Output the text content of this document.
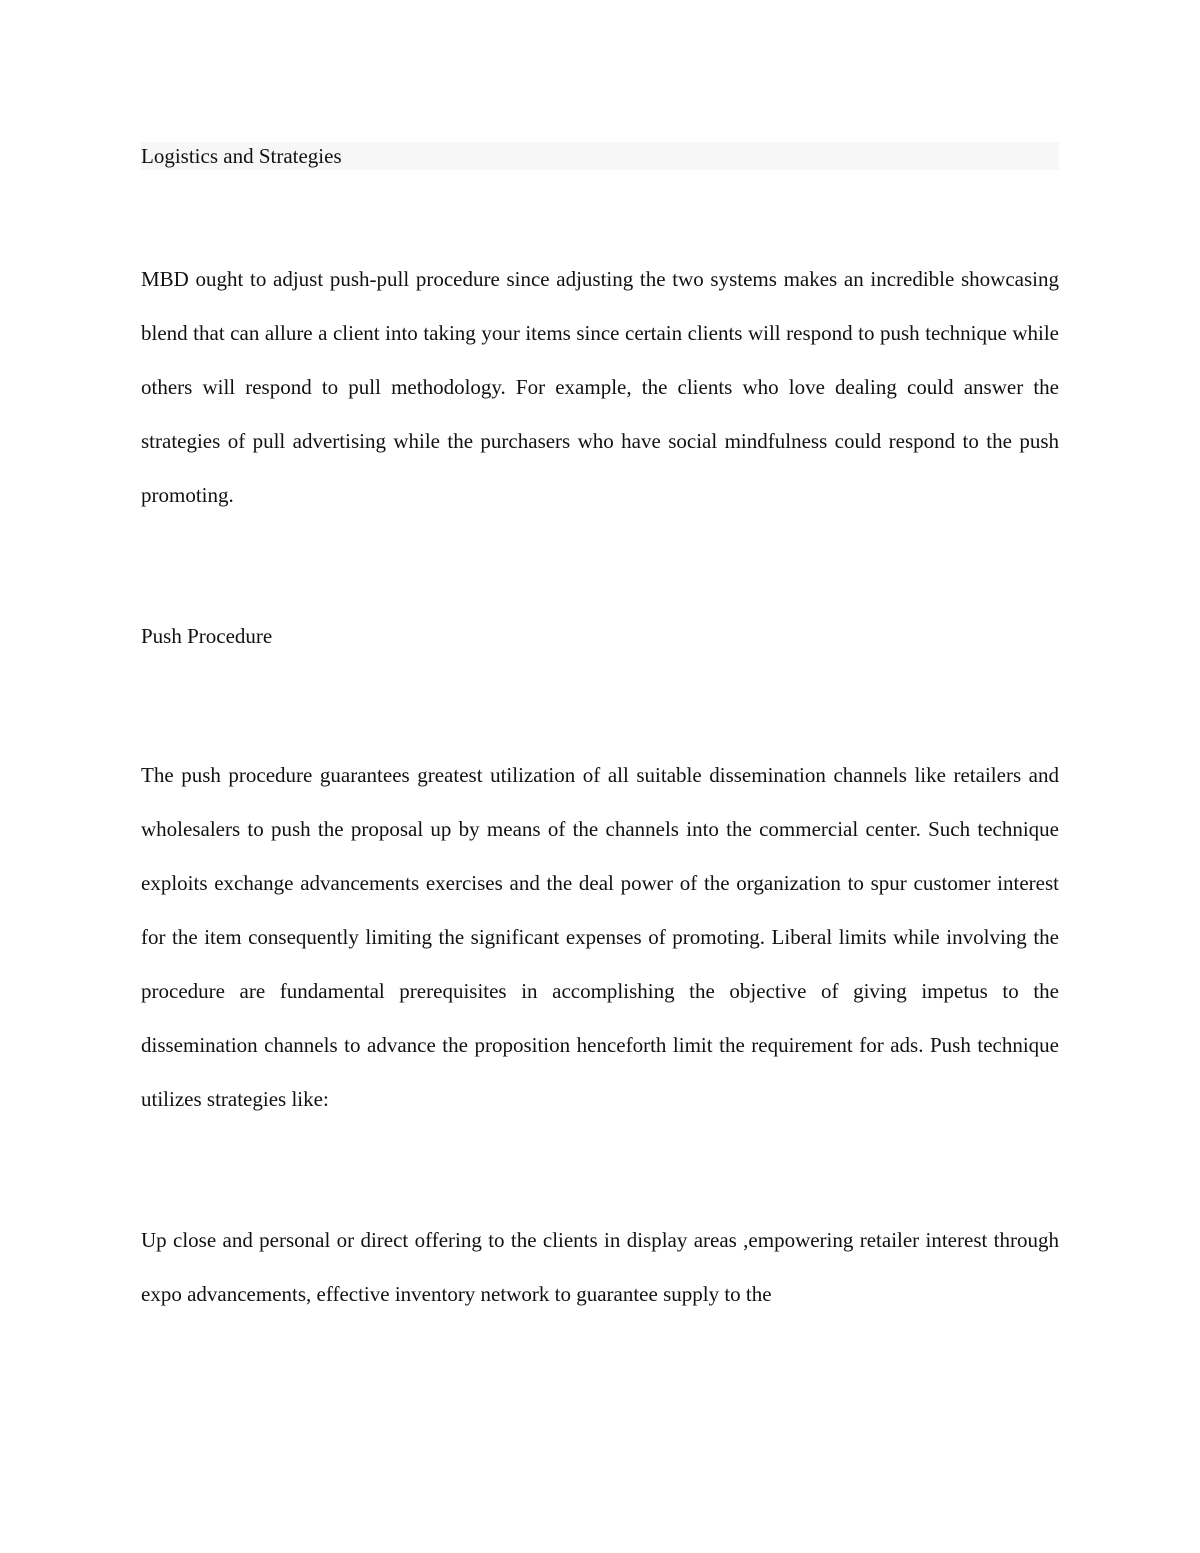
Logistics and Strategies

MBD ought to adjust push-pull procedure since adjusting the two systems makes an incredible showcasing blend that can allure a client into taking your items since certain clients will respond to push technique while others will respond to pull methodology. For example, the clients who love dealing could answer the strategies of pull advertising while the purchasers who have social mindfulness could respond to the push promoting.

Push Procedure

The push procedure guarantees greatest utilization of all suitable dissemination channels like retailers and wholesalers to push the proposal up by means of the channels into the commercial center. Such technique exploits exchange advancements exercises and the deal power of the organization to spur customer interest for the item consequently limiting the significant expenses of promoting. Liberal limits while involving the procedure are fundamental prerequisites in accomplishing the objective of giving impetus to the dissemination channels to advance the proposition henceforth limit the requirement for ads. Push technique utilizes strategies like:

Up close and personal or direct offering to the clients in display areas ,empowering retailer interest through expo advancements, effective inventory network to guarantee supply to the
